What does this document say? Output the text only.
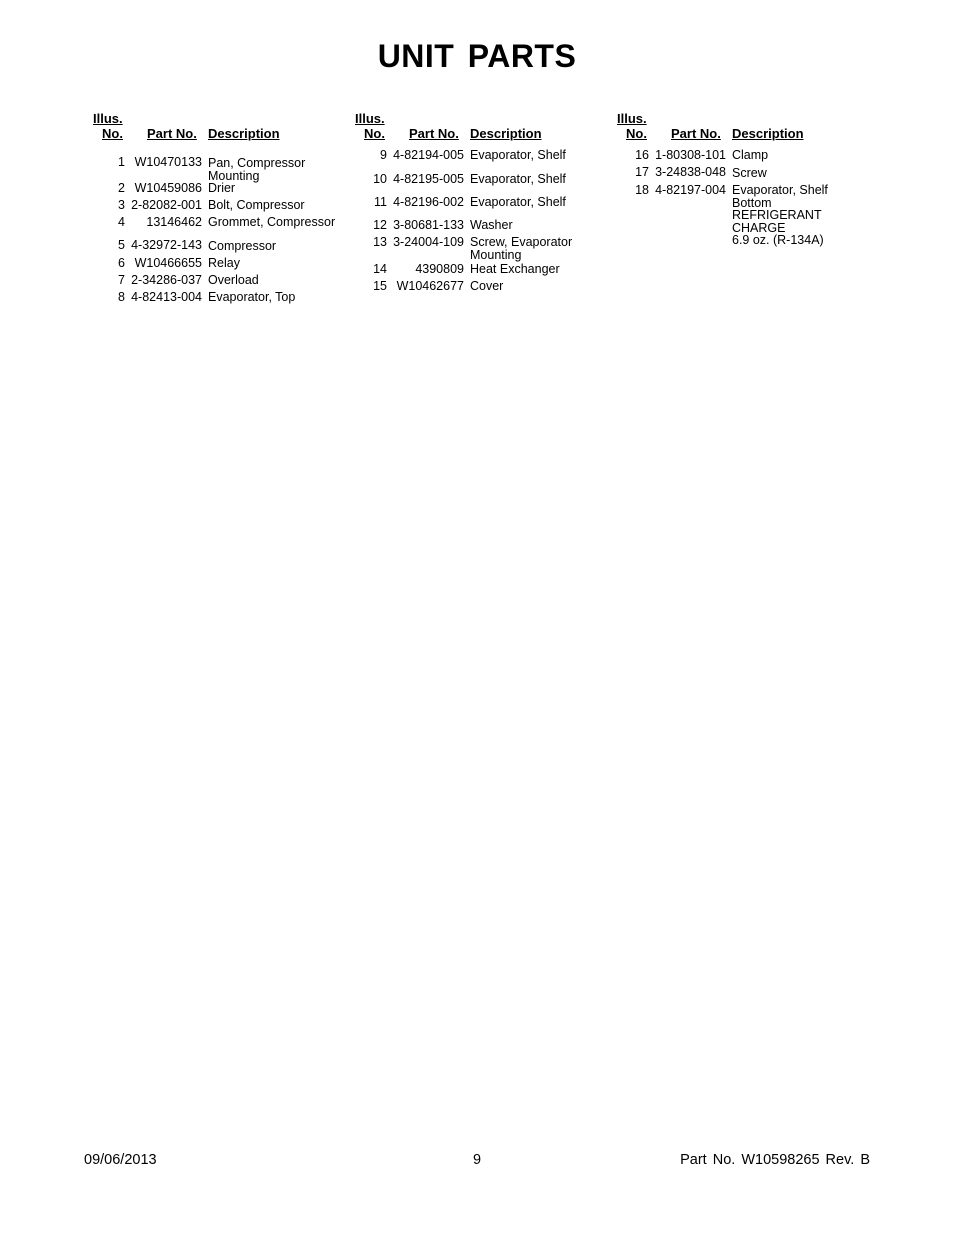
UNIT PARTS
Illus.
No. Part No. Description
1 W10470133 Pan, Compressor
Mounting
2 W10459086 Drier
3 2-82082-001 Bolt, Compressor
4	13146462 Grommet, Compressor
5 4-32972-143 Compressor
6 W10466655 Relay
7 2-34286-037 Overload
8 4-82413-004 Evaporator, Top
Illus.
No. Part No. Description
9 4-82194-005 Evaporator, Shelf
10 4-82195-005 Evaporator, Shelf
11 4-82196-002 Evaporator, Shelf
12 3-80681-133 Washer
13 3-24004-109 Screw, Evaporator
Mounting
14	4390809 Heat Exchanger
15 W10462677 Cover
Illus.
No. Part No. Description
16 1-80308-101 Clamp
17 3-24838-048 Screw
18 4-82197-004 Evaporator, Shelf
Bottom
REFRIGERANT
CHARGE
6.9 oz. (R-134A)
09/06/2013	9	Part No. W10598265 Rev. B
